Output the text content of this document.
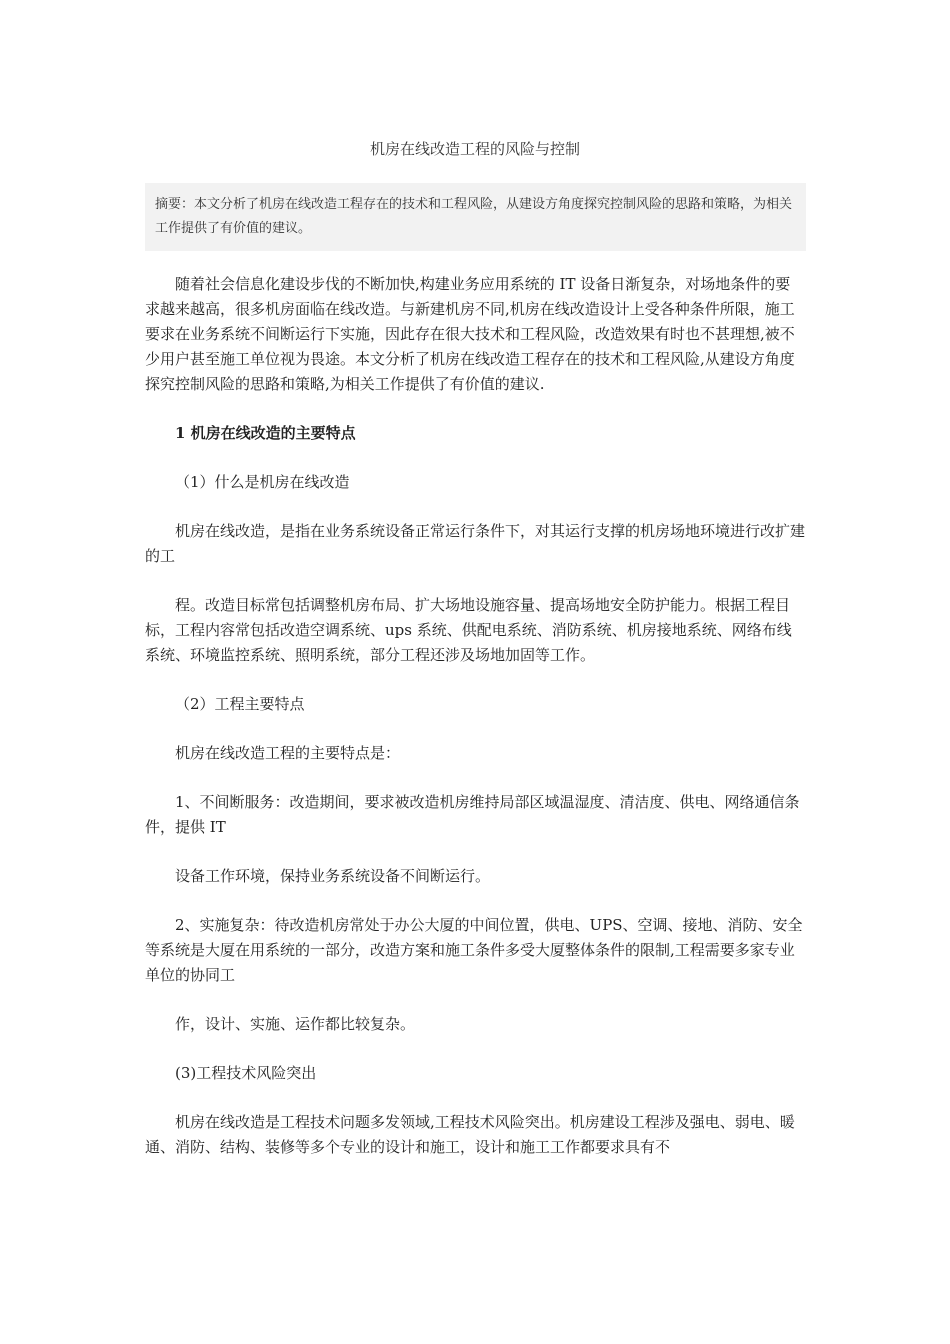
机房在线改造工程的风险与控制
摘要：本文分析了机房在线改造工程存在的技术和工程风险，从建设方角度探究控制风险的思路和策略，为相关工作提供了有价值的建议。

随着社会信息化建设步伐的不断加快,构建业务应用系统的 IT 设备日渐复杂，对场地条件的要求越来越高，很多机房面临在线改造。与新建机房不同,机房在线改造设计上受各种条件所限，施工要求在业务系统不间断运行下实施，因此存在很大技术和工程风险，改造效果有时也不甚理想,被不少用户甚至施工单位视为畏途。本文分析了机房在线改造工程存在的技术和工程风险,从建设方角度探究控制风险的思路和策略,为相关工作提供了有价值的建议.

1 机房在线改造的主要特点

（1）什么是机房在线改造

机房在线改造，是指在业务系统设备正常运行条件下，对其运行支撑的机房场地环境进行改扩建的工

程。改造目标常包括调整机房布局、扩大场地设施容量、提高场地安全防护能力。根据工程目标，工程内容常包括改造空调系统、ups 系统、供配电系统、消防系统、机房接地系统、网络布线系统、环境监控系统、照明系统，部分工程还涉及场地加固等工作。

（2）工程主要特点

机房在线改造工程的主要特点是：

1、不间断服务：改造期间，要求被改造机房维持局部区域温湿度、清洁度、供电、网络通信条件，提供 IT

设备工作环境，保持业务系统设备不间断运行。

2、实施复杂：待改造机房常处于办公大厦的中间位置，供电、UPS、空调、接地、消防、安全等系统是大厦在用系统的一部分，改造方案和施工条件多受大厦整体条件的限制,工程需要多家专业单位的协同工

作，设计、实施、运作都比较复杂。

(3)工程技术风险突出

机房在线改造是工程技术问题多发领域,工程技术风险突出。机房建设工程涉及强电、弱电、暖通、消防、结构、装修等多个专业的设计和施工，设计和施工工作都要求具有不
